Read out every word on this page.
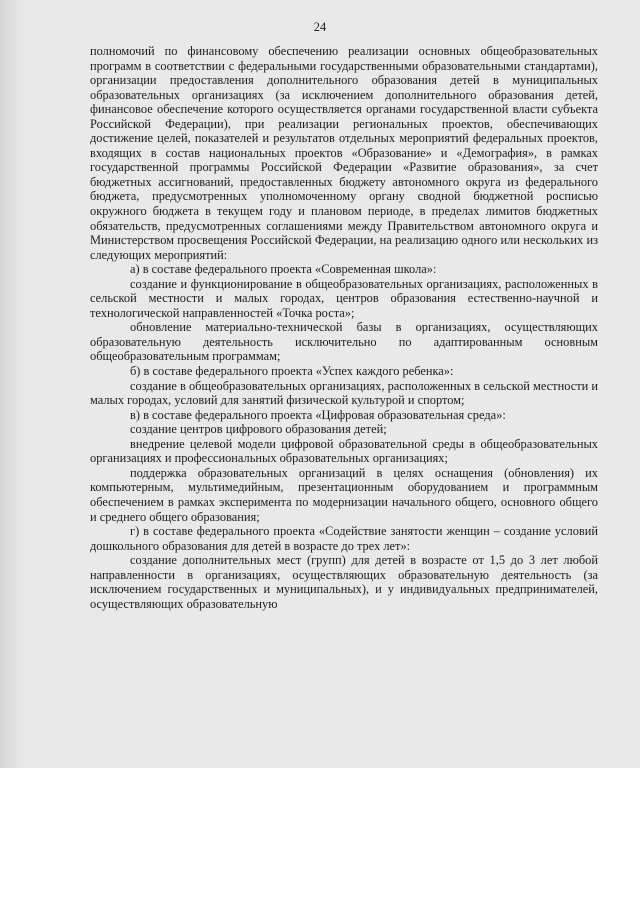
24

полномочий по финансовому обеспечению реализации основных общеобразовательных программ в соответствии с федеральными государственными образовательными стандартами), организации предоставления дополнительного образования детей в муниципальных образовательных организациях (за исключением дополнительного образования детей, финансовое обеспечение которого осуществляется органами государственной власти субъекта Российской Федерации), при реализации региональных проектов, обеспечивающих достижение целей, показателей и результатов отдельных мероприятий федеральных проектов, входящих в состав национальных проектов «Образование» и «Демография», в рамках государственной программы Российской Федерации «Развитие образования», за счет бюджетных ассигнований, предоставленных бюджету автономного округа из федерального бюджета, предусмотренных уполномоченному органу сводной бюджетной росписью окружного бюджета в текущем году и плановом периоде, в пределах лимитов бюджетных обязательств, предусмотренных соглашениями между Правительством автономного округа и Министерством просвещения Российской Федерации, на реализацию одного или нескольких из следующих мероприятий:

а) в составе федерального проекта «Современная школа»:

создание и функционирование в общеобразовательных организациях, расположенных в сельской местности и малых городах, центров образования естественно-научной и технологической направленностей «Точка роста»;

обновление материально-технической базы в организациях, осуществляющих образовательную деятельность исключительно по адаптированным основным общеобразовательным программам;

б) в составе федерального проекта «Успех каждого ребенка»:

создание в общеобразовательных организациях, расположенных в сельской местности и малых городах, условий для занятий физической культурой и спортом;

в) в составе федерального проекта «Цифровая образовательная среда»:

создание центров цифрового образования детей;

внедрение целевой модели цифровой образовательной среды в общеобразовательных организациях и профессиональных образовательных организациях;

поддержка образовательных организаций в целях оснащения (обновления) их компьютерным, мультимедийным, презентационным оборудованием и программным обеспечением в рамках эксперимента по модернизации начального общего, основного общего и среднего общего образования;

г) в составе федерального проекта «Содействие занятости женщин – создание условий дошкольного образования для детей в возрасте до трех лет»:

создание дополнительных мест (групп) для детей в возрасте от 1,5 до 3 лет любой направленности в организациях, осуществляющих образовательную деятельность (за исключением государственных и муниципальных), и у индивидуальных предпринимателей, осуществляющих образовательную
